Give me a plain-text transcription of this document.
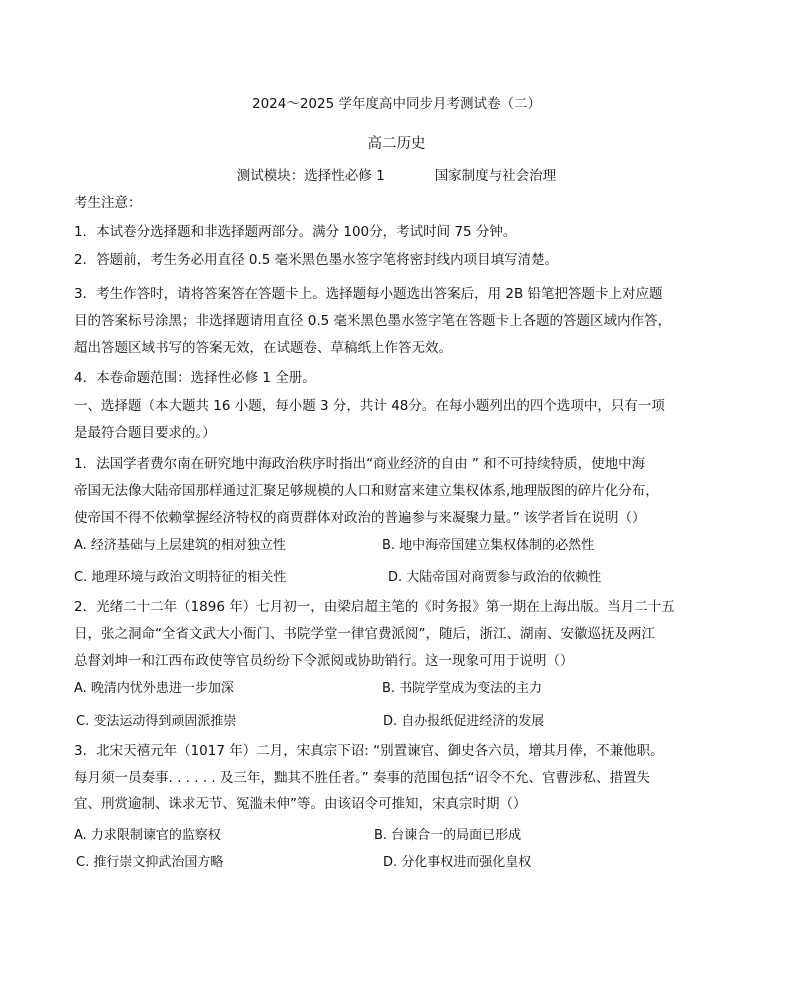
2024～2025 学年度高中同步月考测试卷（二）
高二历史
测试模块：选择性必修 1	国家制度与社会治理
考生注意：
1．本试卷分选择题和非选择题两部分。满分 100分，考试时间 75 分钟。
2．答题前，考生务必用直径 0.5 毫米黑色墨水签字笔将密封线内项目填写清楚。
3．考生作答时，请将答案答在答题卡上。选择题每小题选出答案后，用 2B 铅笔把答题卡上对应题
目的答案标号涂黑；非选择题请用直径 0.5 毫米黑色墨水签字笔在答题卡上各题的答题区域内作答，
超出答题区域书写的答案无效，在试题卷、草稿纸上作答无效。
4．本卷命题范围：选择性必修 1 全册。
一、选择题（本大题共 16 小题，每小题 3 分，共计 48分。在每小题列出的四个选项中，只有一项
是最符合题目要求的。）
1．法国学者费尔南在研究地中海政治秩序时指出“商业经济的自由 ” 和不可持续特质，使地中海
帝国无法像大陆帝国那样通过汇聚足够规模的人口和财富来建立集权体系,地理版图的碎片化分布，
使帝国不得不依赖掌握经济特权的商贾群体对政治的普遍参与来凝聚力量。” 该学者旨在说明（）
A. 经济基础与上层建筑的相对独立性	B. 地中海帝国建立集权体制的必然性
C. 地理环境与政治文明特征的相关性	D. 大陆帝国对商贾参与政治的依赖性
2．光绪二十二年（1896 年）七月初一，由梁启超主笔的《时务报》第一期在上海出版。当月二十五
日，张之洞命“全省文武大小衙门、书院学堂一律官费派阅”，随后，浙江、湖南、安徽巡抚及两江
总督刘坤一和江西布政使等官员纷纷下令派阅或协助销行。这一现象可用于说明（）
A. 晚清内忧外患进一步加深	B. 书院学堂成为变法的主力
C. 变法运动得到顽固派推崇	D. 自办报纸促进经济的发展
3．北宋天禧元年（1017 年）二月，宋真宗下诏: “别置谏官、御史各六员，增其月俸，不兼他职。
每月须一员奏事. . . . . . 及三年，黜其不胜任者。” 奏事的范围包括“诏令不允、官曹涉私、措置失
宜、刑赏逾制、诛求无节、冤滥未伸”等。由该诏令可推知，宋真宗时期（）
A. 力求限制谏官的监察权	B. 台谏合一的局面已形成
C. 推行崇文抑武治国方略	D. 分化事权进而强化皇权
